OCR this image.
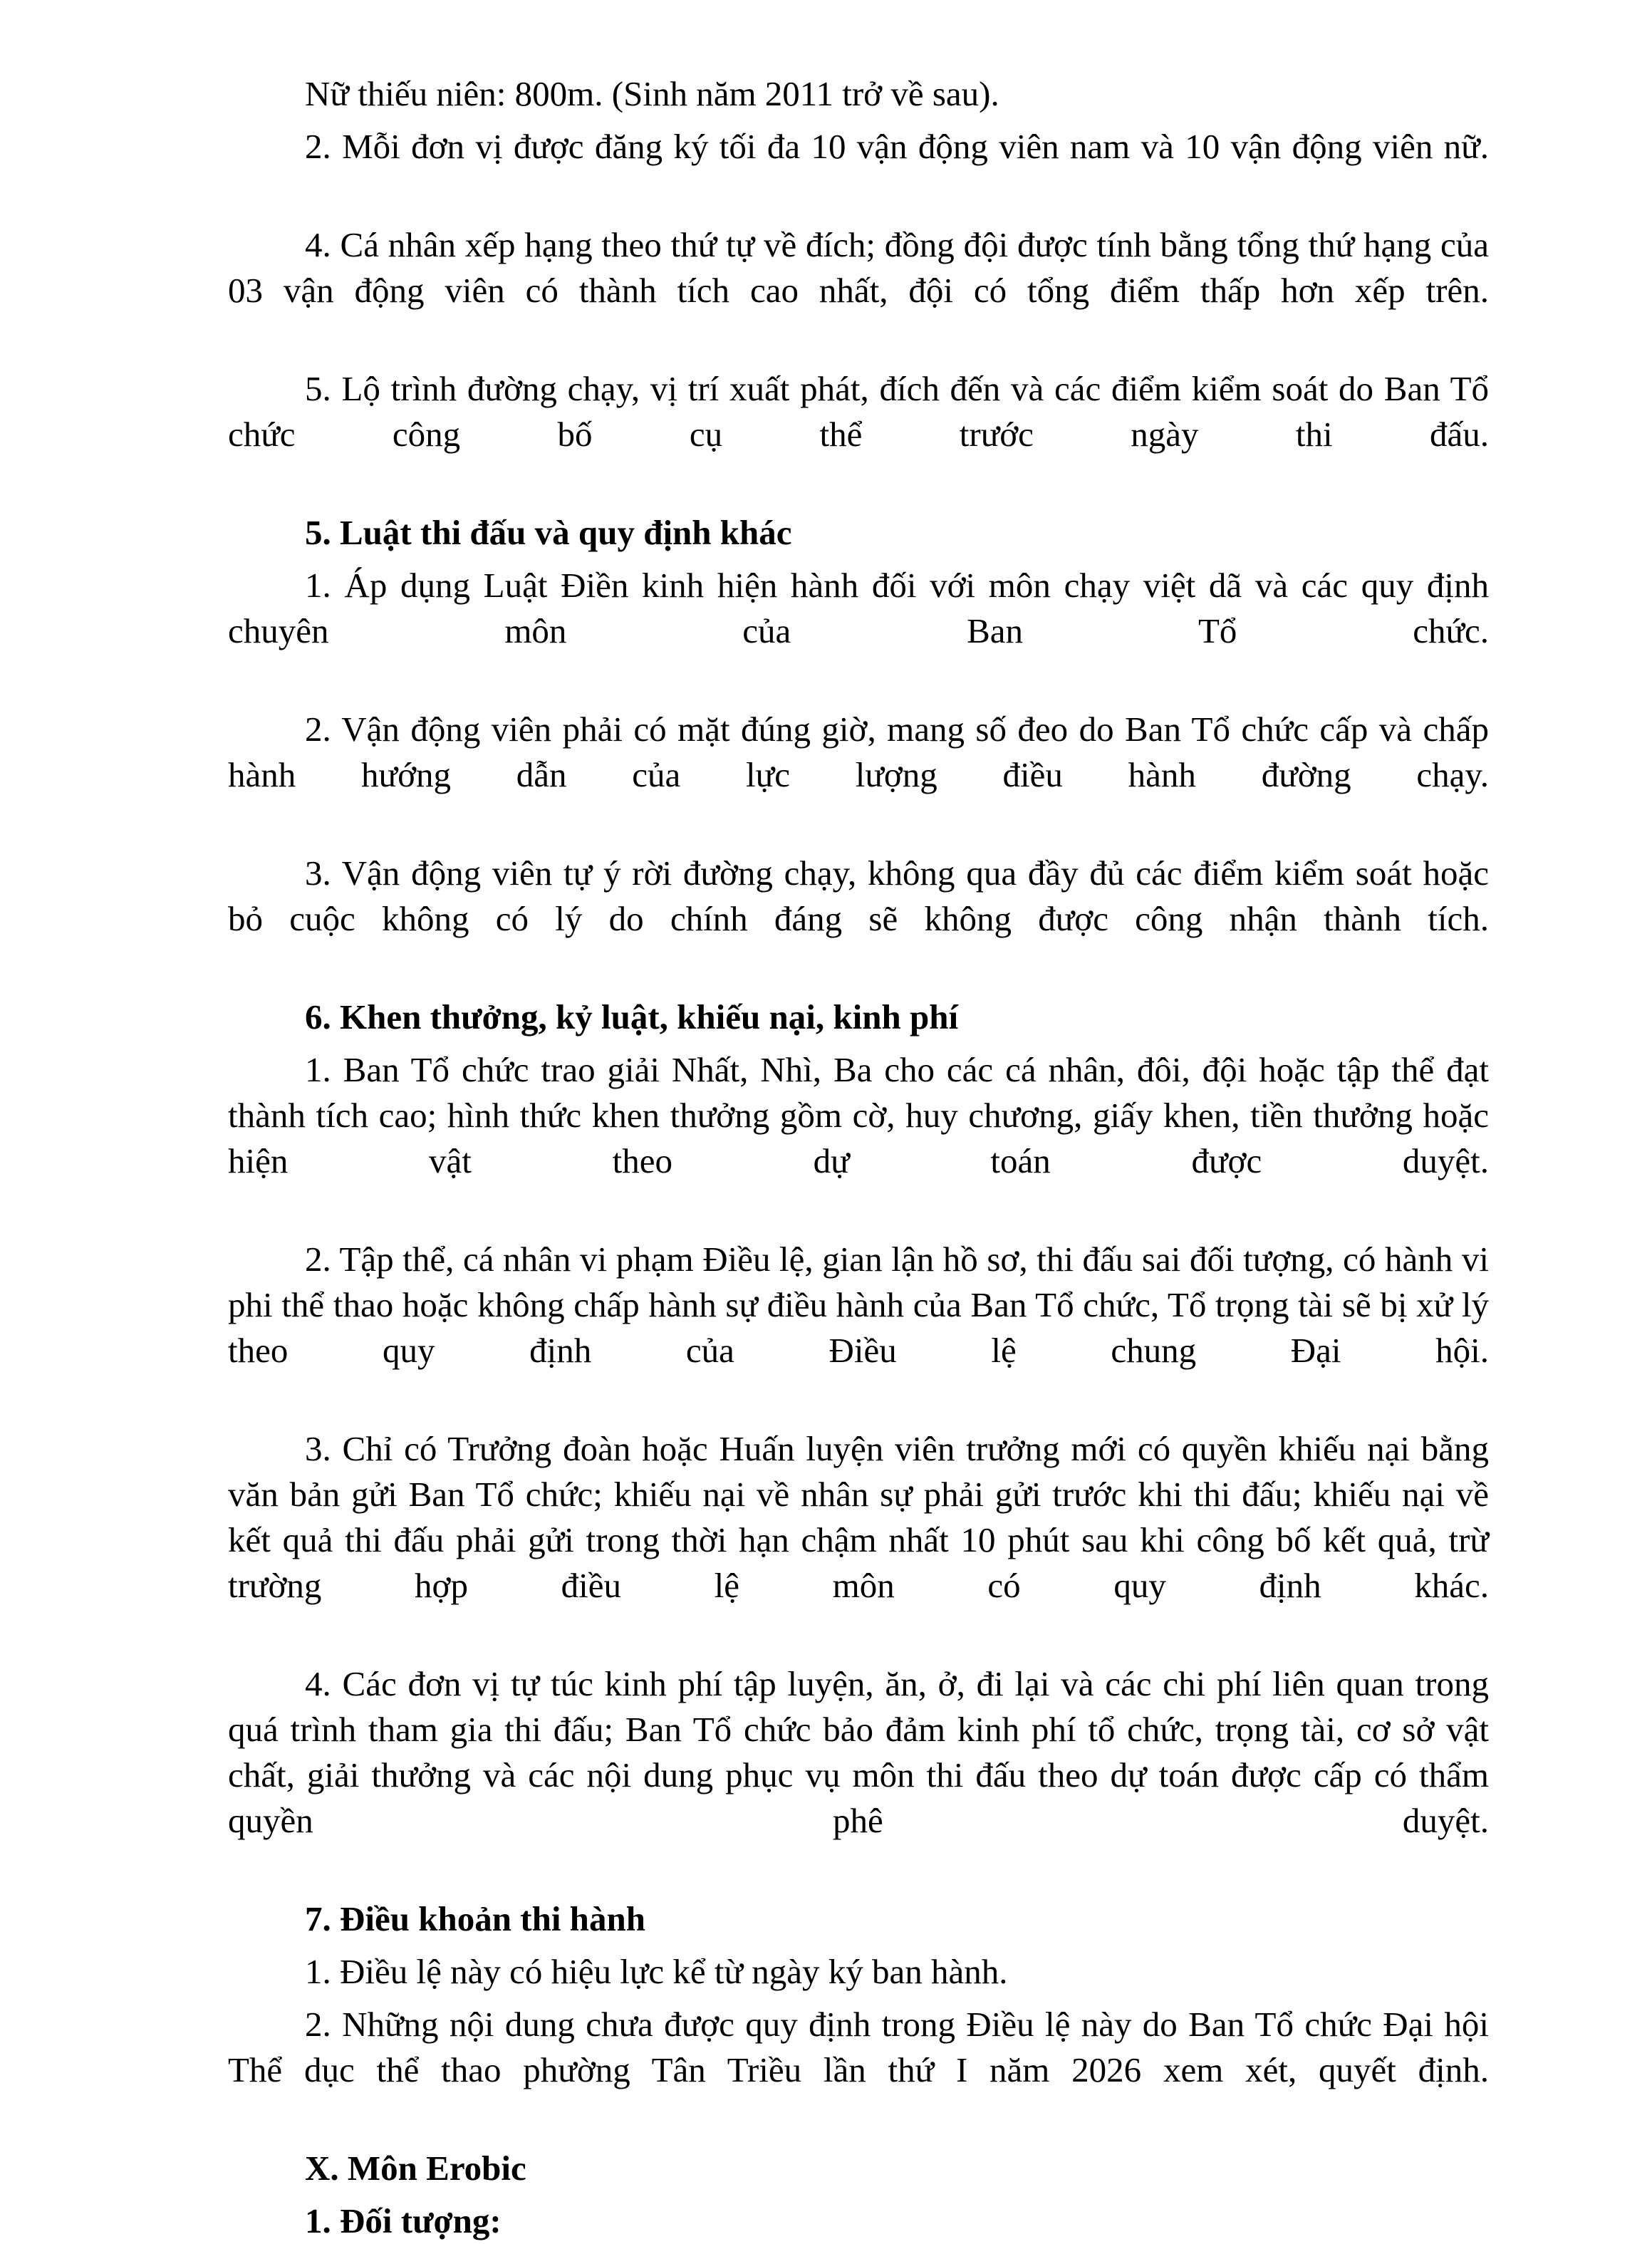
Nữ thiếu niên: 800m. (Sinh năm 2011 trở về sau).

2. Mỗi đơn vị được đăng ký tối đa 10 vận động viên nam và 10 vận động viên nữ.

4. Cá nhân xếp hạng theo thứ tự về đích; đồng đội được tính bằng tổng thứ hạng của 03 vận động viên có thành tích cao nhất, đội có tổng điểm thấp hơn xếp trên.

5. Lộ trình đường chạy, vị trí xuất phát, đích đến và các điểm kiểm soát do Ban Tổ chức công bố cụ thể trước ngày thi đấu.

5. Luật thi đấu và quy định khác

1. Áp dụng Luật Điền kinh hiện hành đối với môn chạy việt dã và các quy định chuyên môn của Ban Tổ chức.

2. Vận động viên phải có mặt đúng giờ, mang số đeo do Ban Tổ chức cấp và chấp hành hướng dẫn của lực lượng điều hành đường chạy.

3. Vận động viên tự ý rời đường chạy, không qua đầy đủ các điểm kiểm soát hoặc bỏ cuộc không có lý do chính đáng sẽ không được công nhận thành tích.

6. Khen thưởng, kỷ luật, khiếu nại, kinh phí

1. Ban Tổ chức trao giải Nhất, Nhì, Ba cho các cá nhân, đôi, đội hoặc tập thể đạt thành tích cao; hình thức khen thưởng gồm cờ, huy chương, giấy khen, tiền thưởng hoặc hiện vật theo dự toán được duyệt.

2. Tập thể, cá nhân vi phạm Điều lệ, gian lận hồ sơ, thi đấu sai đối tượng, có hành vi phi thể thao hoặc không chấp hành sự điều hành của Ban Tổ chức, Tổ trọng tài sẽ bị xử lý theo quy định của Điều lệ chung Đại hội.

3. Chỉ có Trưởng đoàn hoặc Huấn luyện viên trưởng mới có quyền khiếu nại bằng văn bản gửi Ban Tổ chức; khiếu nại về nhân sự phải gửi trước khi thi đấu; khiếu nại về kết quả thi đấu phải gửi trong thời hạn chậm nhất 10 phút sau khi công bố kết quả, trừ trường hợp điều lệ môn có quy định khác.

4. Các đơn vị tự túc kinh phí tập luyện, ăn, ở, đi lại và các chi phí liên quan trong quá trình tham gia thi đấu; Ban Tổ chức bảo đảm kinh phí tổ chức, trọng tài, cơ sở vật chất, giải thưởng và các nội dung phục vụ môn thi đấu theo dự toán được cấp có thẩm quyền phê duyệt.

7. Điều khoản thi hành

1. Điều lệ này có hiệu lực kể từ ngày ký ban hành.

2. Những nội dung chưa được quy định trong Điều lệ này do Ban Tổ chức Đại hội Thể dục thể thao phường Tân Triều lần thứ I năm 2026 xem xét, quyết định.

X. Môn Erobic

1. Đối tượng:
